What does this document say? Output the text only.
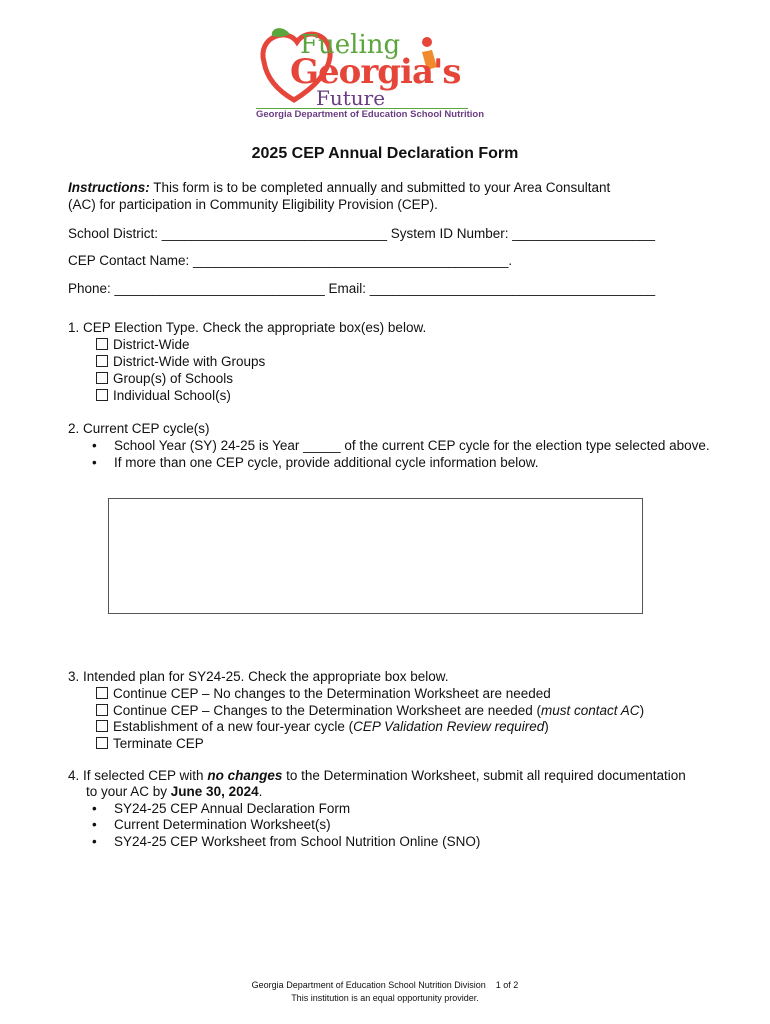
Fueling
Georgia's
Future
Georgia Department of Education School Nutrition
2025 CEP Annual Declaration Form
Instructions: This form is to be completed annually and submitted to your Area Consultant
(AC) for participation in Community Eligibility Provision (CEP).
School District: ______________________________ System ID Number: ___________________
CEP Contact Name: __________________________________________.
Phone: ____________________________ Email: ______________________________________
1. CEP Election Type. Check the appropriate box(es) below.
District-Wide
District-Wide with Groups
Group(s) of Schools
Individual School(s)
2. Current CEP cycle(s)
• School Year (SY) 24-25 is Year _____ of the current CEP cycle for the election type selected above.
• If more than one CEP cycle, provide additional cycle information below.
3. Intended plan for SY24-25. Check the appropriate box below.
Continue CEP – No changes to the Determination Worksheet are needed
Continue CEP – Changes to the Determination Worksheet are needed (must contact AC)
Establishment of a new four-year cycle (CEP Validation Review required)
Terminate CEP
4. If selected CEP with no changes to the Determination Worksheet, submit all required documentation
to your AC by June 30, 2024.
• SY24-25 CEP Annual Declaration Form
• Current Determination Worksheet(s)
• SY24-25 CEP Worksheet from School Nutrition Online (SNO)
Georgia Department of Education School Nutrition Division 1 of 2
This institution is an equal opportunity provider.
